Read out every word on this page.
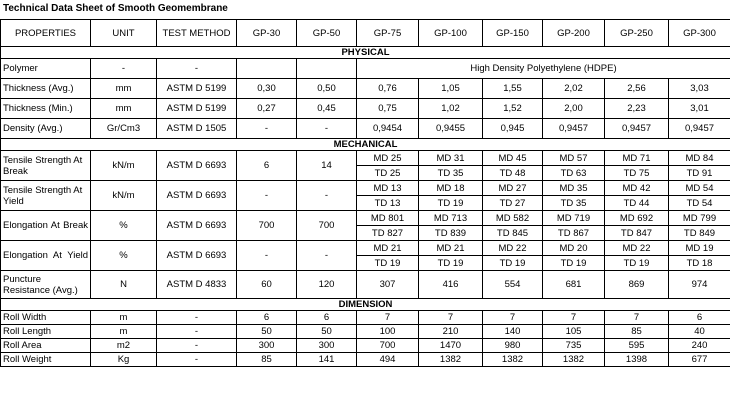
Technical Data Sheet of Smooth Geomembrane
PROPERTIES	UNIT	TEST METHOD	GP-30	GP-50	GP-75	GP-100	GP-150	GP-200	GP-250	GP-300
PHYSICAL										
Polymer	-	-			High Density Polyethylene (HDPE)					
Thickness (Avg.)	mm	ASTM D 5199	0,30	0,50	0,76	1,05	1,55	2,02	2,56	3,03
Thickness (Min.)	mm	ASTM D 5199	0,27	0,45	0,75	1,02	1,52	2,00	2,23	3,01
Density (Avg.)	Gr/Cm3	ASTM D 1505	-	-	0,9454	0,9455	0,945	0,9457	0,9457	0,9457
MECHANICAL										
Tensile Strength At Break	kN/m	ASTM D 6693	6	14	MD 25	MD 31	MD 45	MD 57	MD 71	MD 84
					TD 25	TD 35	TD 48	TD 63	TD 75	TD 91
Tensile Strength At Yield	kN/m	ASTM D 6693	-	-	MD 13	MD 18	MD 27	MD 35	MD 42	MD 54
					TD 13	TD 19	TD 27	TD 35	TD 44	TD 54
Elongation At Break	%	ASTM D 6693	700	700	MD 801	MD 713	MD 582	MD 719	MD 692	MD 799
					TD 827	TD 839	TD 845	TD 867	TD 847	TD 849
Elongation At Yield	%	ASTM D 6693	-	-	MD 21	MD 21	MD 22	MD 20	MD 22	MD 19
					TD 19	TD 19	TD 19	TD 19	TD 19	TD 18
Puncture Resistance (Avg.)	N	ASTM D 4833	60	120	307	416	554	681	869	974
DIMENSION										
Roll Width	m	-	6	6	7	7	7	7	7	6
Roll Length	m	-	50	50	100	210	140	105	85	40
Roll Area	m2	-	300	300	700	1470	980	735	595	240
Roll Weight	Kg	-	85	141	494	1382	1382	1382	1398	677
